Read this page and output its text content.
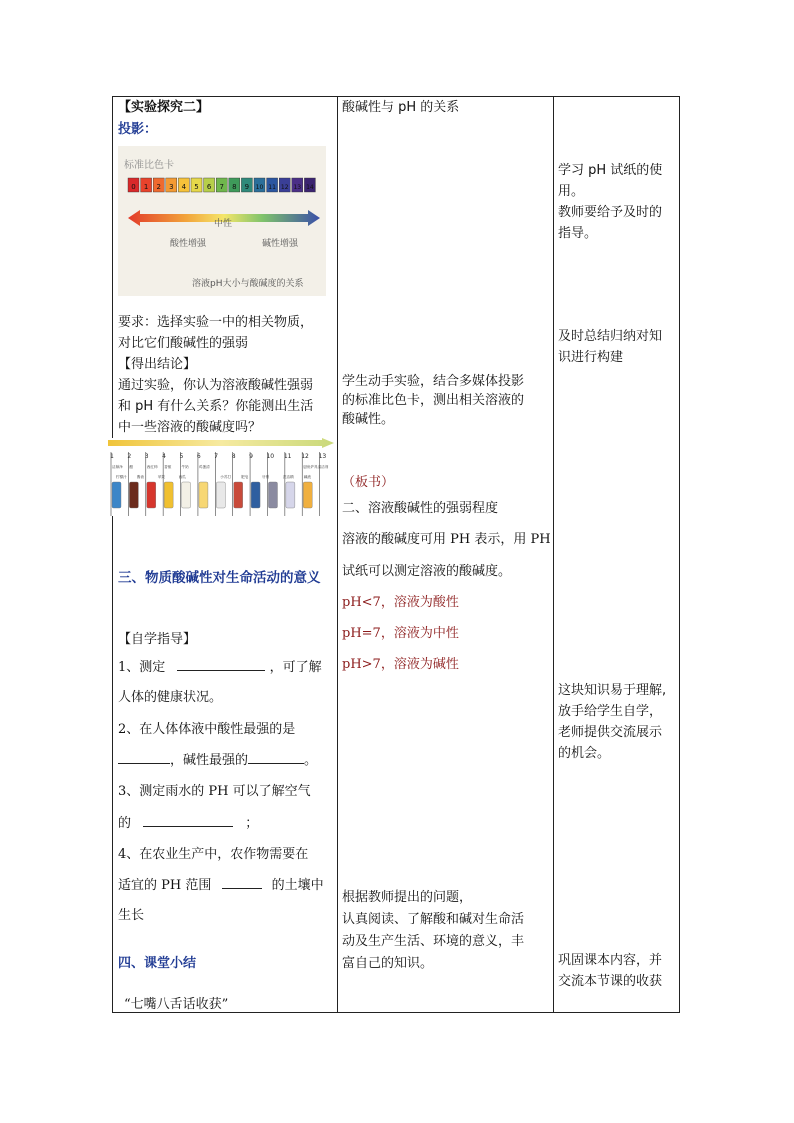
【实验探究二】
投影：
标准比色卡
0 1 2 3 4 5 6 7 8 9 10 11 12 13 14
中性
酸性增强	碱性增强
溶液pH大小与酸碱度的关系
要求：选择实验一中的相关物质，
对比它们酸碱性的强弱
【得出结论】
通过实验，你认为溶液酸碱性强弱
和 pH 有什么关系？你能测出生活
中一些溶液的酸碱度吗？
1 2 3 4 5 6 7 8 9 10 11 12 13
洁厕净 醋	西红柿 香蕉	牛奶	鸡蛋清	厨房炉具清洁剂
柠檬汁	酱油	苹果	西瓜	小苏打	肥皂	牙膏	洗洁精	碱液
三、物质酸碱性对生命活动的意义
【自学指导】
1、测定	，可了解
人体的健康状况。
2、在人体体液中酸性最强的是
，碱性最强的	。
3、测定雨水的 PH 可以了解空气
的	；
4、在农业生产中，农作物需要在
适宜的 PH 范围	的土壤中
生长
四、课堂小结
“七嘴八舌话收获”
酸碱性与 pH 的关系
学生动手实验，结合多媒体投影
的标准比色卡，测出相关溶液的
酸碱性。
（板书）
二、溶液酸碱性的强弱程度
溶液的酸碱度可用 PH 表示，用 PH
试纸可以测定溶液的酸碱度。
pH<7，溶液为酸性
pH=7，溶液为中性
pH>7，溶液为碱性
根据教师提出的问题，
认真阅读、了解酸和碱对生命活
动及生产生活、环境的意义，丰
富自己的知识。
学习 pH 试纸的使
用。
教师要给予及时的
指导。
及时总结归纳对知
识进行构建
这块知识易于理解,
放手给学生自学，
老师提供交流展示
的机会。
巩固课本内容，并
交流本节课的收获
